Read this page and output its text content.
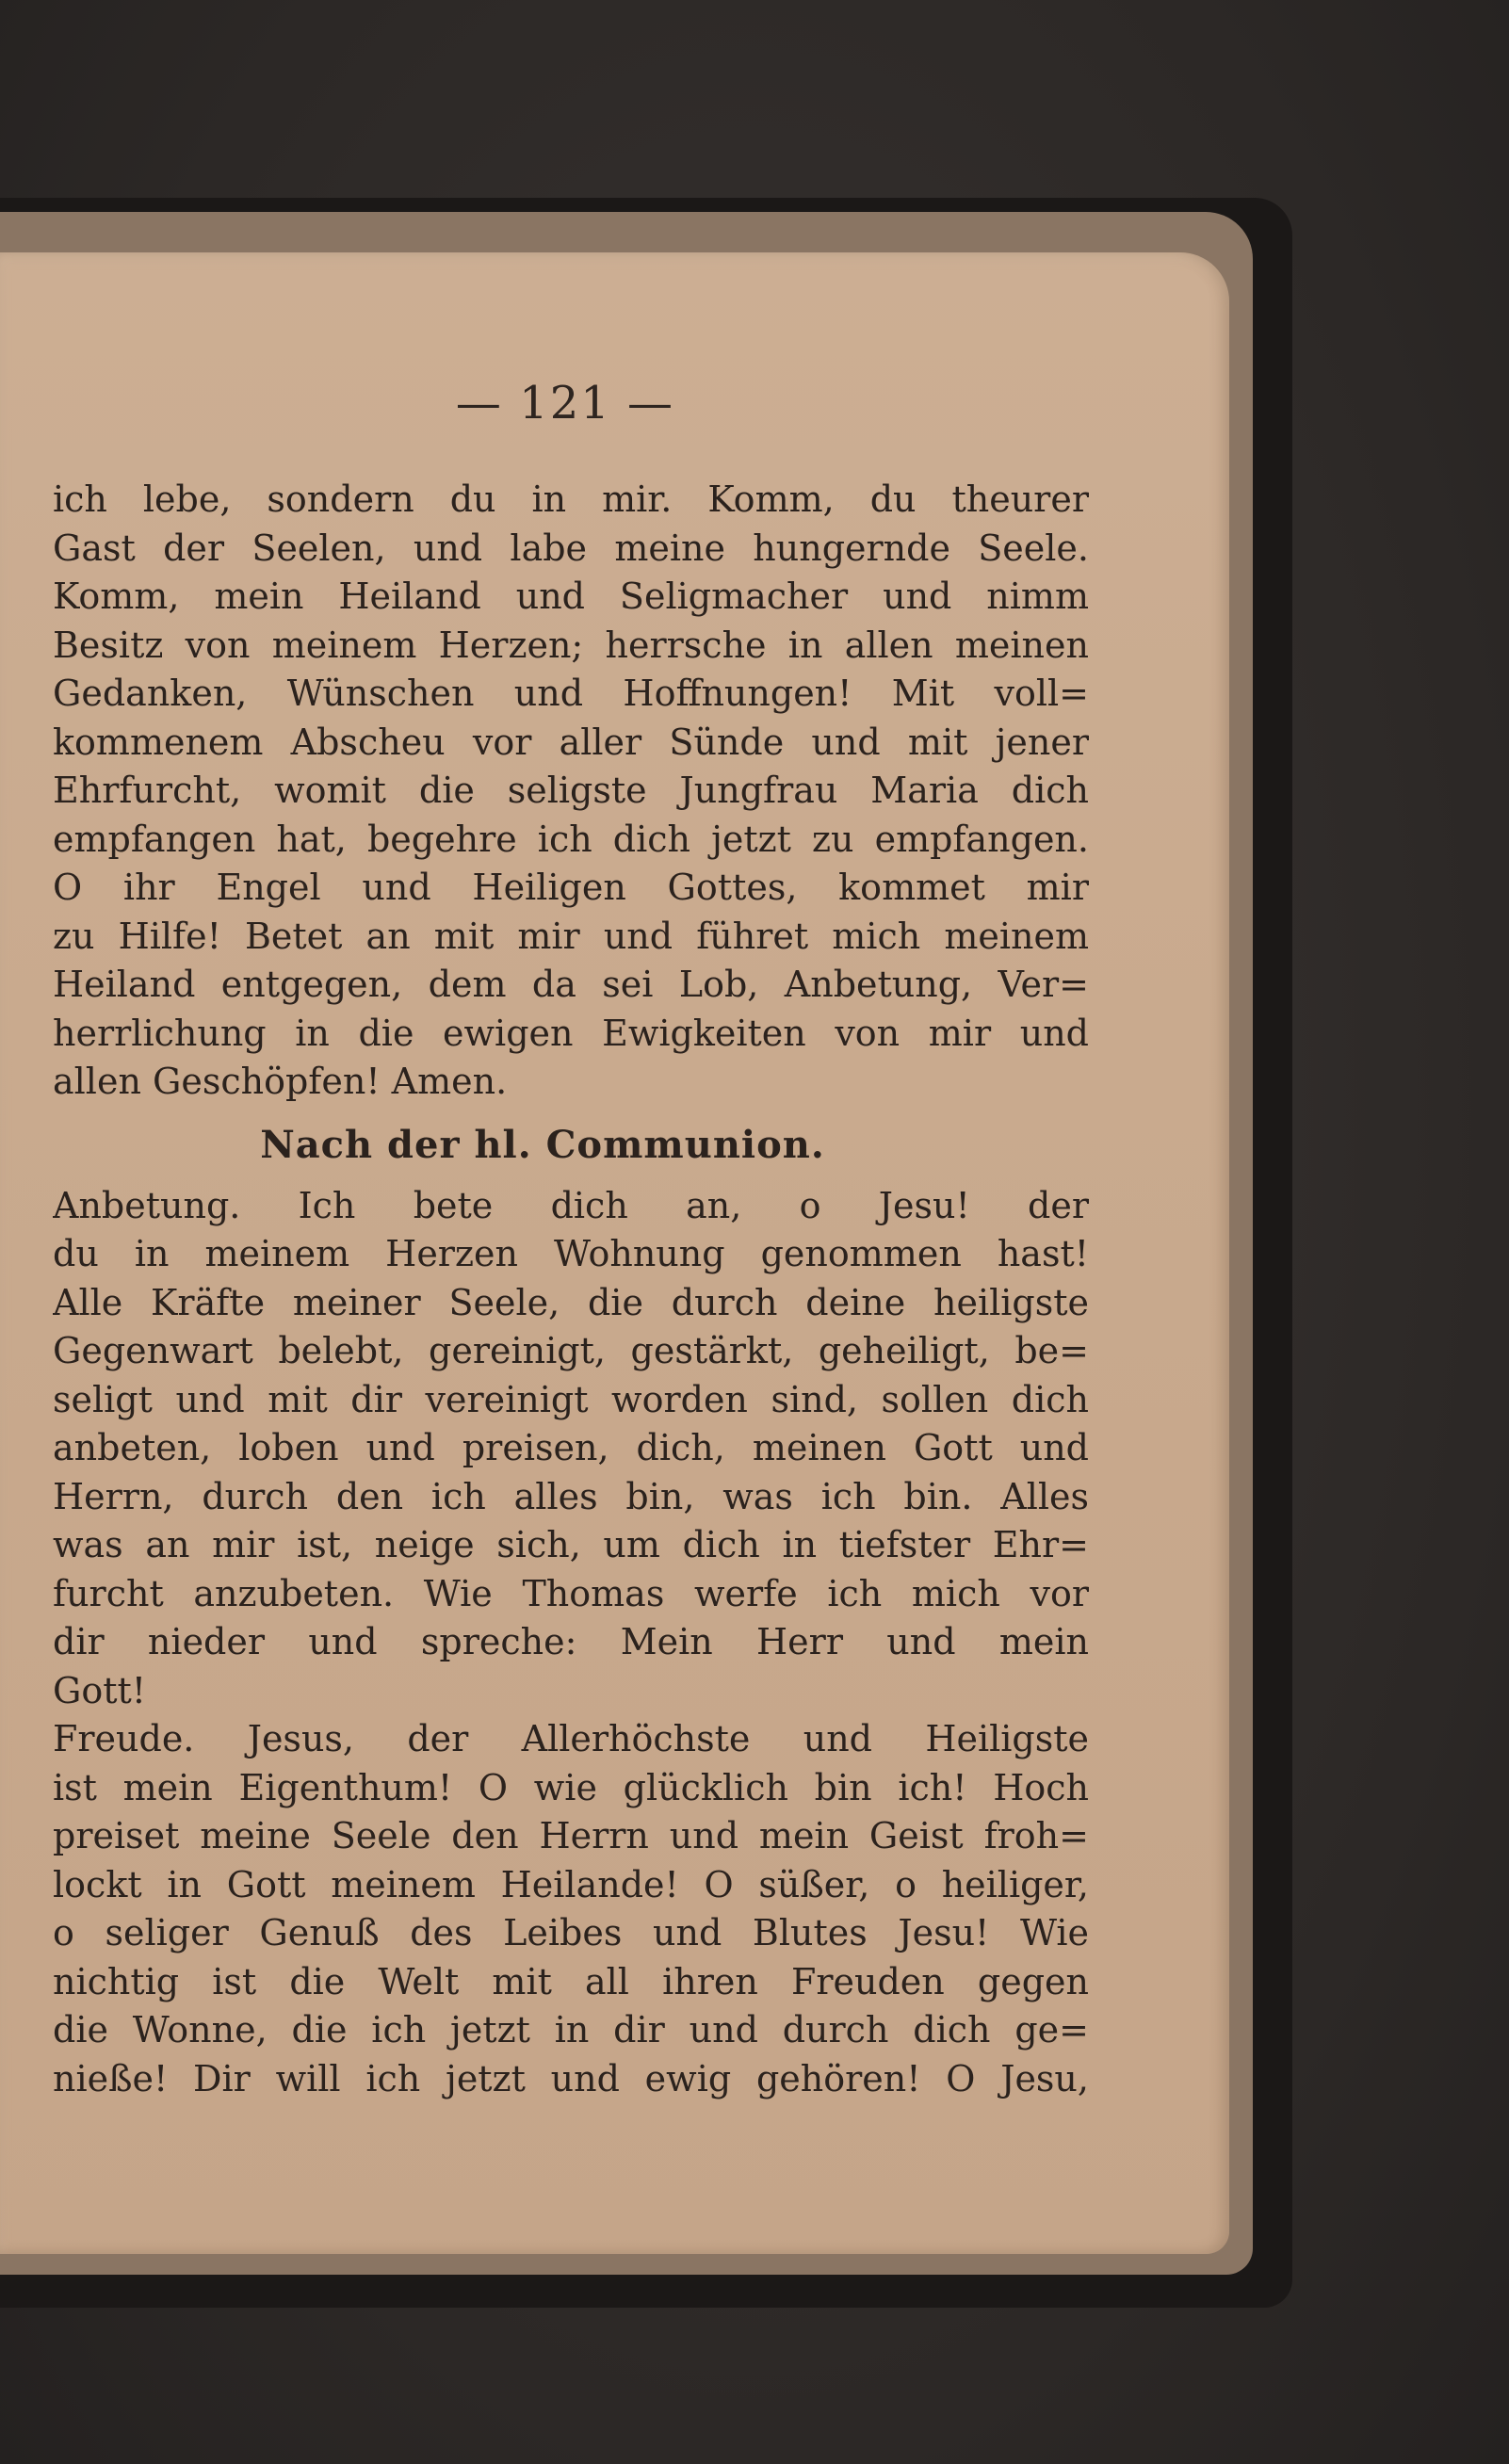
— 121 —
ich lebe, sondern du in mir. Komm, du theurer
Gast der Seelen, und labe meine hungernde Seele.
Komm, mein Heiland und Seligmacher und nimm
Besitz von meinem Herzen; herrsche in allen meinen
Gedanken, Wünschen und Hoffnungen! Mit voll=
kommenem Abscheu vor aller Sünde und mit jener
Ehrfurcht, womit die seligste Jungfrau Maria dich
empfangen hat, begehre ich dich jetzt zu empfangen.
O ihr Engel und Heiligen Gottes, kommet mir
zu Hilfe! Betet an mit mir und führet mich meinem
Heiland entgegen, dem da sei Lob, Anbetung, Ver=
herrlichung in die ewigen Ewigkeiten von mir und
allen Geschöpfen! Amen.
Nach der hl. Communion.
Anbetung. Ich bete dich an, o Jesu! der
du in meinem Herzen Wohnung genommen hast!
Alle Kräfte meiner Seele, die durch deine heiligste
Gegenwart belebt, gereinigt, gestärkt, geheiligt, be=
seligt und mit dir vereinigt worden sind, sollen dich
anbeten, loben und preisen, dich, meinen Gott und
Herrn, durch den ich alles bin, was ich bin. Alles
was an mir ist, neige sich, um dich in tiefster Ehr=
furcht anzubeten. Wie Thomas werfe ich mich vor
dir nieder und spreche: Mein Herr und mein
Gott!
Freude. Jesus, der Allerhöchste und Heiligste
ist mein Eigenthum! O wie glücklich bin ich! Hoch
preiset meine Seele den Herrn und mein Geist froh=
lockt in Gott meinem Heilande! O süßer, o heiliger,
o seliger Genuß des Leibes und Blutes Jesu! Wie
nichtig ist die Welt mit all ihren Freuden gegen
die Wonne, die ich jetzt in dir und durch dich ge=
nieße! Dir will ich jetzt und ewig gehören! O Jesu,
